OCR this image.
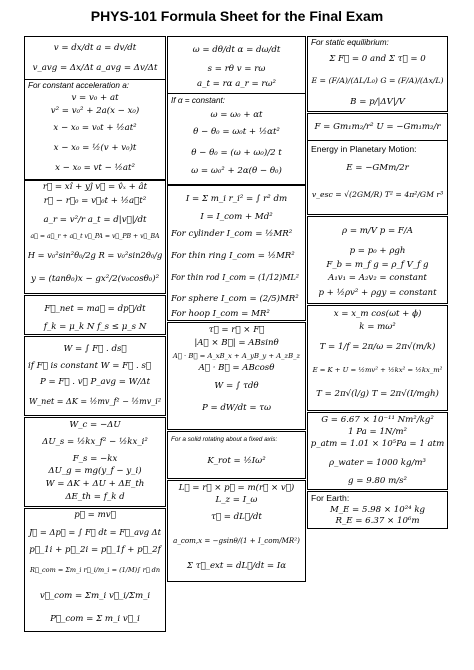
PHYS-101 Formula Sheet for the Final Exam
v = dx/dt a = dv/dt
v_avg = Δx/Δt a_avg = Δv/Δt
For constant acceleration a:
v = v₀ + at
v² = v₀² + 2a(x − x₀)
x − x₀ = v₀t + ½at²
x − x₀ = ½(v + v₀)t
x − x₀ = vt − ½at²
r⃗ = xî + yĵ v⃗ = v̂ₓ + ât
r⃗ − r⃗₀ = v⃗₀t + ½a⃗t²
a_r = v²/r a_t = d|v⃗|/dt
a⃗ = a⃗_r + a⃗_t v⃗_PA = v⃗_PB + v⃗_BA
H = v₀²sin²θ₀/2g R = v₀²sin2θ₀/g
y = (tanθ₀)x − gx²/2(v₀cosθ₀)²
F⃗_net = ma⃗ = dp⃗/dt
f_k = μ_k N f_s ≤ μ_s N
W = ∫ F⃗ . ds⃗
if F⃗ is constant W = F⃗ . s⃗
P = F⃗ . v⃗ P_avg = W/Δt
W_net = ΔK = ½mv_f² − ½mv_i²
W_c = −ΔU
ΔU_s = ½kx_f² − ½kx_i²
F_s = −kx
ΔU_g = mg(y_f − y_i)
W = ΔK + ΔU + ΔE_th
ΔE_th = f_k d
p⃗ = mv⃗
J⃗ = Δp⃗ = ∫ F⃗ dt = F⃗_avg Δt
p⃗_1i + p⃗_2i = p⃗_1f + p⃗_2f
R⃗_com = Σm_i r⃗_i/m_i = (1/M)∫ r⃗ dn
v⃗_com = Σm_i v⃗_i/Σm_i
P⃗_com = Σ m_i v⃗_i
ω = dθ/dt α = dω/dt
s = rθ v = rω
a_t = rα a_r = rω²
If α = constant:
ω = ω₀ + αt
θ − θ₀ = ω₀t + ½αt²
θ − θ₀ = (ω + ω₀)/2 t
ω = ω₀² + 2α(θ − θ₀)
I = Σ m_i r_i² = ∫ r² dm
I = I_com + Md²
For cylinder I_com = ½MR²
For thin ring I_com = ½MR²
For thin rod I_com = (1/12)ML²
For sphere I_com = (2/5)MR²
For hoop I_com = MR²
τ⃗ = r⃗ × F⃗
|A⃗ × B⃗| = ABsinθ
A⃗ · B⃗ = A_xB_x + A_yB_y + A_zB_z
A⃗ · B⃗ = ABcosθ
W = ∫ τdθ
P = dW/dt = τω
For a solid rotating about a fixed axis:
K_rot = ½Iω²
L⃗ = r⃗ × p⃗ = m(r⃗ × v⃗)
L_z = I_ω
τ⃗ = dL⃗/dt
a_com,x = −gsinθ/(1 + I_com/MR²)
Σ τ⃗_ext = dL⃗/dt = Iα
For static equilibrium:
Σ F⃗ = 0 and Σ τ⃗ = 0
E = (F/A)/(ΔL/L₀) G = (F/A)/(Δx/L)
B = p/|ΔV|/V
F = Gm₁m₂/r² U = −Gm₁m₂/r
Energy in Planetary Motion:
E = −GMm/2r
v_esc = √(2GM/R) T² = 4π²/GM r³
ρ = m/V p = F/A
p = p₀ + ρgh
F_b = m_f g = ρ_f V_f g
A₁v₁ = A₂v₂ = constant
p + ½ρv² + ρgy = constant
x = x_m cos(ωt + ϕ)
k = mω²
T = 1/f = 2π/ω = 2π√(m/k)
E = K + U = ½mv² + ½kx² = ½kx_m²
T = 2π√(l/g) T = 2π√(I/mgh)
G = 6.67 × 10⁻¹¹ Nm²/kg²
1 Pa = 1N/m²
p_atm = 1.01 × 10⁵Pa = 1 atm
ρ_water = 1000 kg/m³
g = 9.80 m/s²
For Earth:
M_E = 5.98 × 10²⁴ kg
R_E = 6.37 × 10⁶m
